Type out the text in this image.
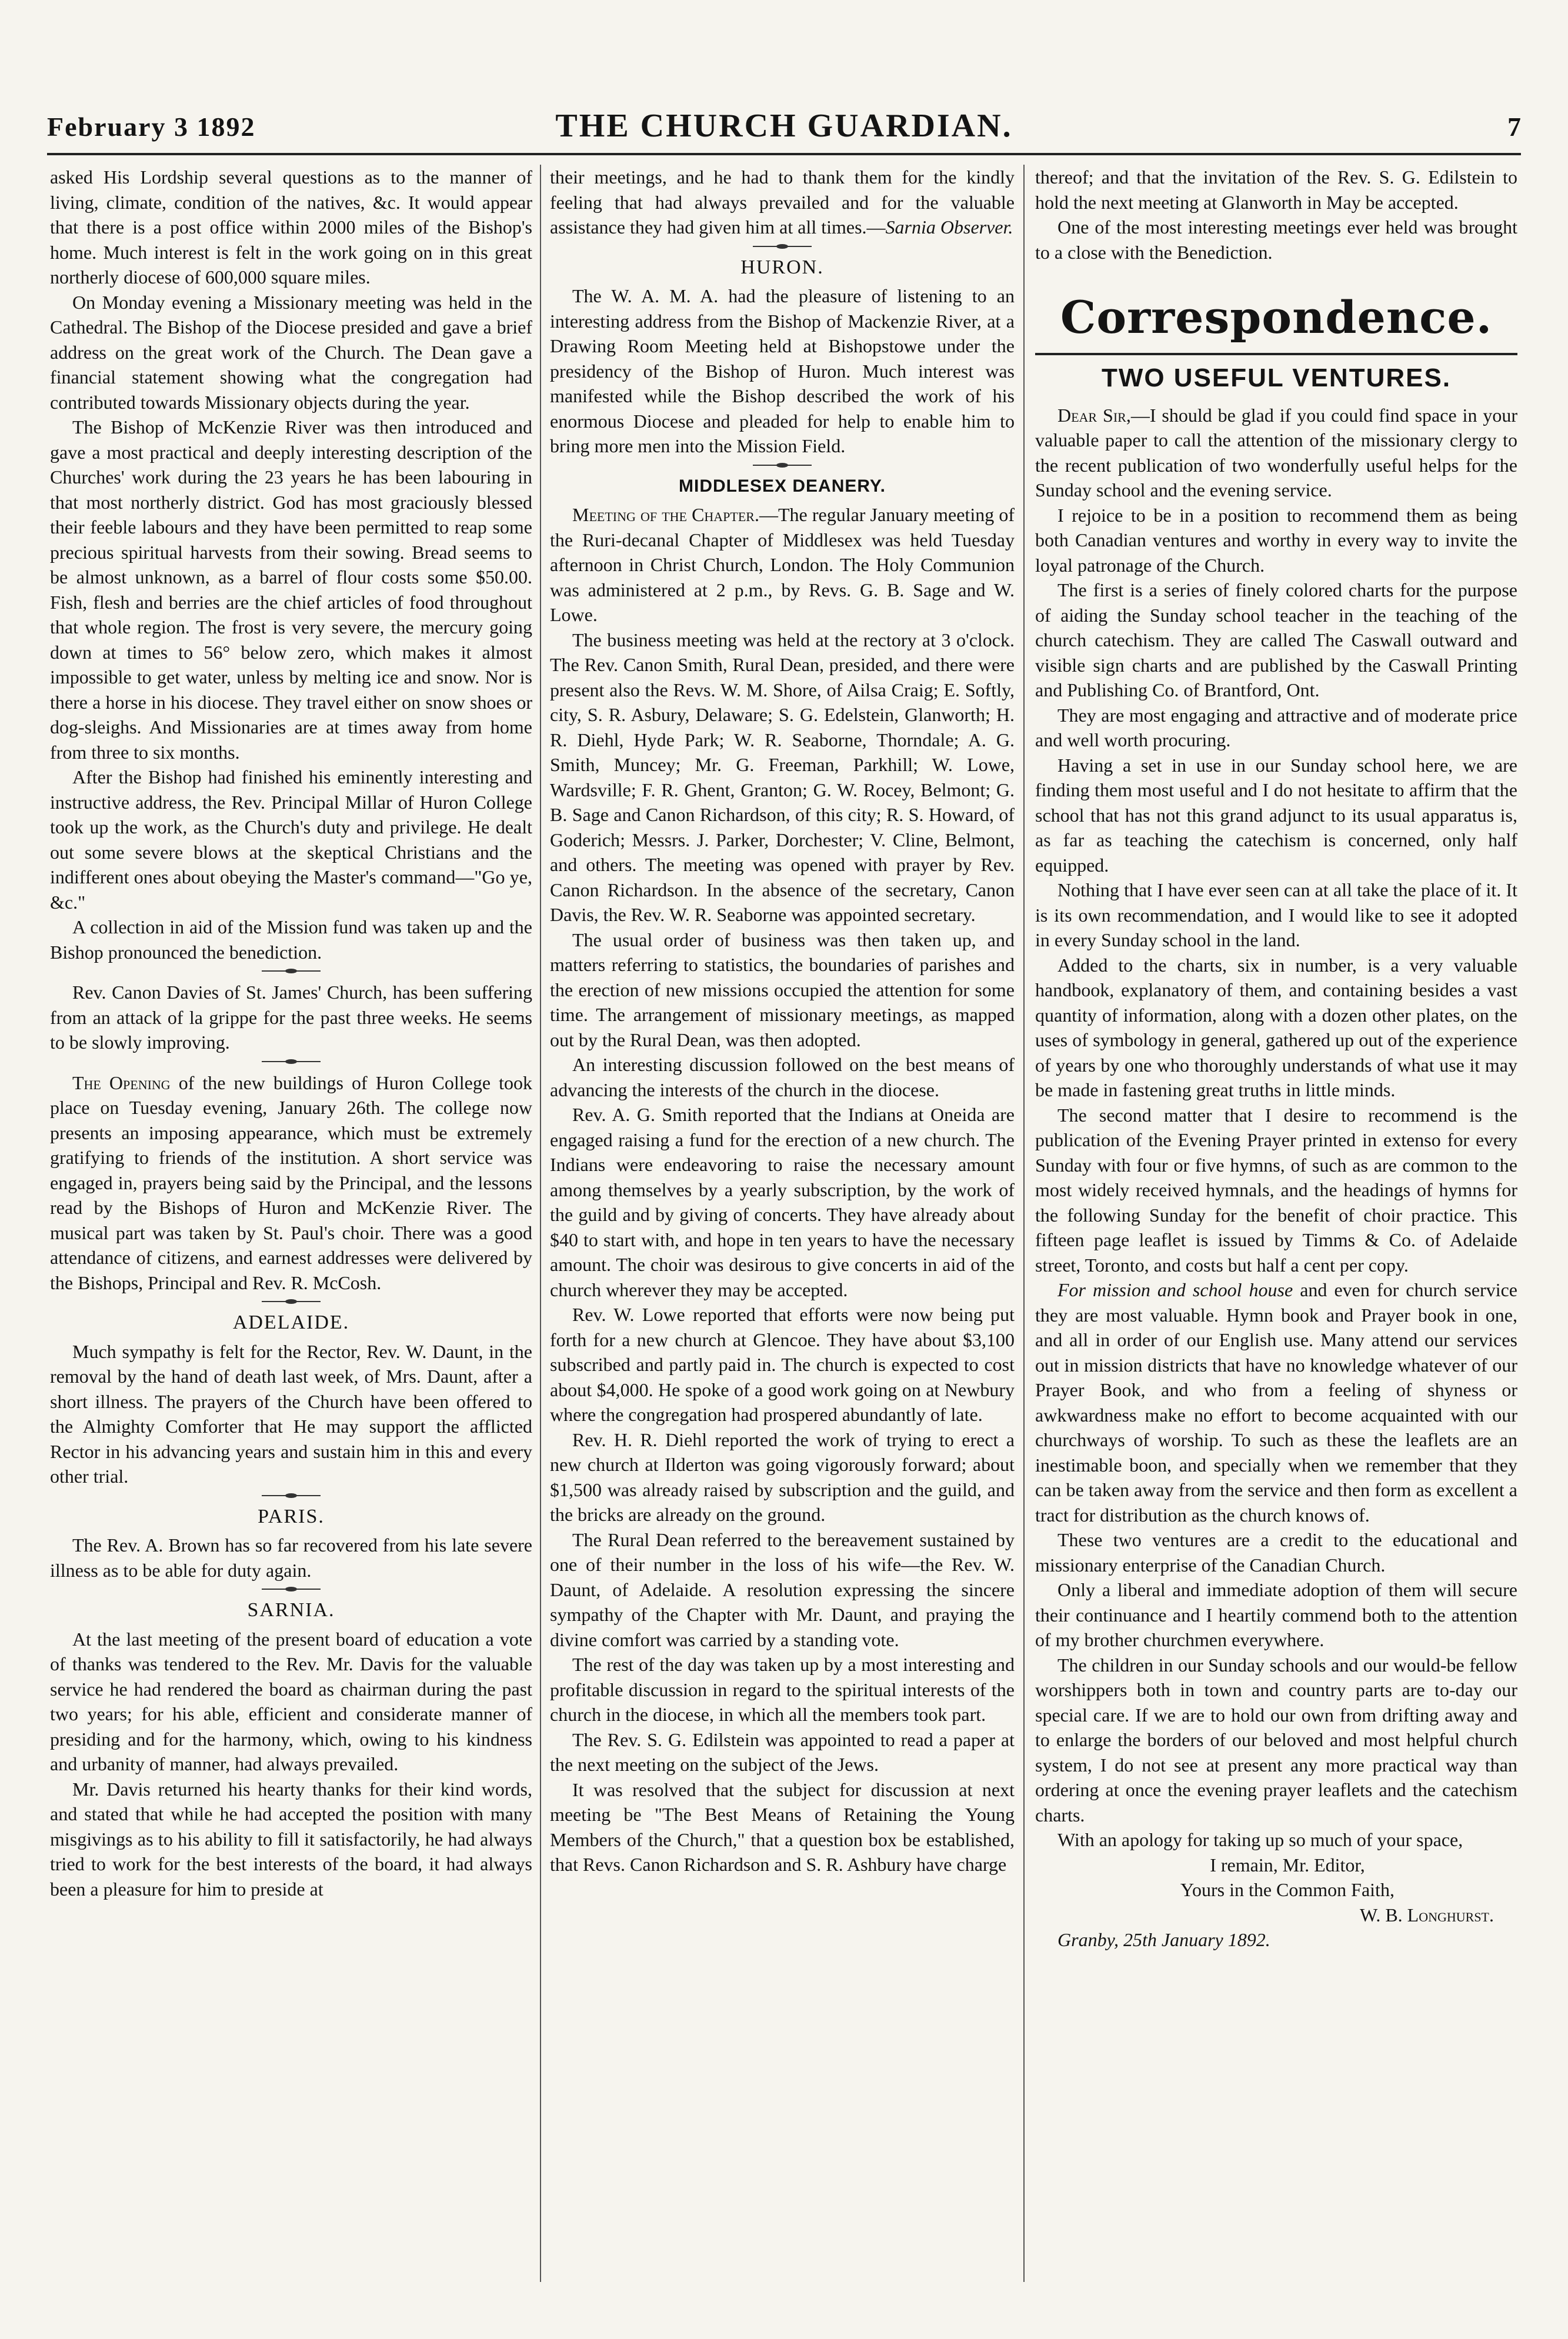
February 3 1892	THE CHURCH GUARDIAN.	7

asked His Lordship several questions as to the manner of living, climate, condition of the natives, &c. It would appear that there is a post office within 2000 miles of the Bishop's home. Much interest is felt in the work going on in this great northerly diocese of 600,000 square miles.

On Monday evening a Missionary meeting was held in the Cathedral. The Bishop of the Diocese presided and gave a brief address on the great work of the Church. The Dean gave a financial statement showing what the congregation had contributed towards Missionary objects during the year.

The Bishop of McKenzie River was then introduced and gave a most practical and deeply interesting description of the Churches' work during the 23 years he has been labouring in that most northerly district. God has most graciously blessed their feeble labours and they have been permitted to reap some precious spiritual harvests from their sowing. Bread seems to be almost unknown, as a barrel of flour costs some $50.00. Fish, flesh and berries are the chief articles of food throughout that whole region. The frost is very severe, the mercury going down at times to 56° below zero, which makes it almost impossible to get water, unless by melting ice and snow. Nor is there a horse in his diocese. They travel either on snow shoes or dog-sleighs. And Missionaries are at times away from home from three to six months.

After the Bishop had finished his eminently interesting and instructive address, the Rev. Principal Millar of Huron College took up the work, as the Church's duty and privilege. He dealt out some severe blows at the skeptical Christians and the indifferent ones about obeying the Master's command—"Go ye, &c."

A collection in aid of the Mission fund was taken up and the Bishop pronounced the benediction.

Rev. Canon Davies of St. James' Church, has been suffering from an attack of la grippe for the past three weeks. He seems to be slowly improving.

The Opening of the new buildings of Huron College took place on Tuesday evening, January 26th. The college now presents an imposing appearance, which must be extremely gratifying to friends of the institution. A short service was engaged in, prayers being said by the Principal, and the lessons read by the Bishops of Huron and McKenzie River. The musical part was taken by St. Paul's choir. There was a good attendance of citizens, and earnest addresses were delivered by the Bishops, Principal and Rev. R. McCosh.

ADELAIDE.

Much sympathy is felt for the Rector, Rev. W. Daunt, in the removal by the hand of death last week, of Mrs. Daunt, after a short illness. The prayers of the Church have been offered to the Almighty Comforter that He may support the afflicted Rector in his advancing years and sustain him in this and every other trial.

PARIS.

The Rev. A. Brown has so far recovered from his late severe illness as to be able for duty again.

SARNIA.

At the last meeting of the present board of education a vote of thanks was tendered to the Rev. Mr. Davis for the valuable service he had rendered the board as chairman during the past two years; for his able, efficient and considerate manner of presiding and for the harmony, which, owing to his kindness and urbanity of manner, had always prevailed.

Mr. Davis returned his hearty thanks for their kind words, and stated that while he had accepted the position with many misgivings as to his ability to fill it satisfactorily, he had always tried to work for the best interests of the board, it had always been a pleasure for him to preside at

their meetings, and he had to thank them for the kindly feeling that had always prevailed and for the valuable assistance they had given him at all times.—Sarnia Observer.

HURON.

The W. A. M. A. had the pleasure of listening to an interesting address from the Bishop of Mackenzie River, at a Drawing Room Meeting held at Bishopstowe under the presidency of the Bishop of Huron. Much interest was manifested while the Bishop described the work of his enormous Diocese and pleaded for help to enable him to bring more men into the Mission Field.

MIDDLESEX DEANERY.

Meeting of the Chapter.—The regular January meeting of the Ruri-decanal Chapter of Middlesex was held Tuesday afternoon in Christ Church, London. The Holy Communion was administered at 2 p.m., by Revs. G. B. Sage and W. Lowe.

The business meeting was held at the rectory at 3 o'clock. The Rev. Canon Smith, Rural Dean, presided, and there were present also the Revs. W. M. Shore, of Ailsa Craig; E. Softly, city, S. R. Asbury, Delaware; S. G. Edelstein, Glanworth; H. R. Diehl, Hyde Park; W. R. Seaborne, Thorndale; A. G. Smith, Muncey; Mr. G. Freeman, Parkhill; W. Lowe, Wardsville; F. R. Ghent, Granton; G. W. Rocey, Belmont; G. B. Sage and Canon Richardson, of this city; R. S. Howard, of Goderich; Messrs. J. Parker, Dorchester; V. Cline, Belmont, and others. The meeting was opened with prayer by Rev. Canon Richardson. In the absence of the secretary, Canon Davis, the Rev. W. R. Seaborne was appointed secretary.

The usual order of business was then taken up, and matters referring to statistics, the boundaries of parishes and the erection of new missions occupied the attention for some time. The arrangement of missionary meetings, as mapped out by the Rural Dean, was then adopted.

An interesting discussion followed on the best means of advancing the interests of the church in the diocese.

Rev. A. G. Smith reported that the Indians at Oneida are engaged raising a fund for the erection of a new church. The Indians were endeavoring to raise the necessary amount among themselves by a yearly subscription, by the work of the guild and by giving of concerts. They have already about $40 to start with, and hope in ten years to have the necessary amount. The choir was desirous to give concerts in aid of the church wherever they may be accepted.

Rev. W. Lowe reported that efforts were now being put forth for a new church at Glencoe. They have about $3,100 subscribed and partly paid in. The church is expected to cost about $4,000. He spoke of a good work going on at Newbury where the congregation had prospered abundantly of late.

Rev. H. R. Diehl reported the work of trying to erect a new church at Ilderton was going vigorously forward; about $1,500 was already raised by subscription and the guild, and the bricks are already on the ground.

The Rural Dean referred to the bereavement sustained by one of their number in the loss of his wife—the Rev. W. Daunt, of Adelaide. A resolution expressing the sincere sympathy of the Chapter with Mr. Daunt, and praying the divine comfort was carried by a standing vote.

The rest of the day was taken up by a most interesting and profitable discussion in regard to the spiritual interests of the church in the diocese, in which all the members took part.

The Rev. S. G. Edilstein was appointed to read a paper at the next meeting on the subject of the Jews.

It was resolved that the subject for discussion at next meeting be "The Best Means of Retaining the Young Members of the Church," that a question box be established, that Revs. Canon Richardson and S. R. Ashbury have charge

thereof; and that the invitation of the Rev. S. G. Edilstein to hold the next meeting at Glanworth in May be accepted.

One of the most interesting meetings ever held was brought to a close with the Benediction.

Correspondence.
TWO USEFUL VENTURES.

Dear Sir,—I should be glad if you could find space in your valuable paper to call the attention of the missionary clergy to the recent publication of two wonderfully useful helps for the Sunday school and the evening service.

I rejoice to be in a position to recommend them as being both Canadian ventures and worthy in every way to invite the loyal patronage of the Church.

The first is a series of finely colored charts for the purpose of aiding the Sunday school teacher in the teaching of the church catechism. They are called The Caswall outward and visible sign charts and are published by the Caswall Printing and Publishing Co. of Brantford, Ont.

They are most engaging and attractive and of moderate price and well worth procuring.

Having a set in use in our Sunday school here, we are finding them most useful and I do not hesitate to affirm that the school that has not this grand adjunct to its usual apparatus is, as far as teaching the catechism is concerned, only half equipped.

Nothing that I have ever seen can at all take the place of it. It is its own recommendation, and I would like to see it adopted in every Sunday school in the land.

Added to the charts, six in number, is a very valuable handbook, explanatory of them, and containing besides a vast quantity of information, along with a dozen other plates, on the uses of symbology in general, gathered up out of the experience of years by one who thoroughly understands of what use it may be made in fastening great truths in little minds.

The second matter that I desire to recommend is the publication of the Evening Prayer printed in extenso for every Sunday with four or five hymns, of such as are common to the most widely received hymnals, and the headings of hymns for the following Sunday for the benefit of choir practice. This fifteen page leaflet is issued by Timms & Co. of Adelaide street, Toronto, and costs but half a cent per copy.

For mission and school house and even for church service they are most valuable. Hymn book and Prayer book in one, and all in order of our English use. Many attend our services out in mission districts that have no knowledge whatever of our Prayer Book, and who from a feeling of shyness or awkwardness make no effort to become acquainted with our churchways of worship. To such as these the leaflets are an inestimable boon, and specially when we remember that they can be taken away from the service and then form as excellent a tract for distribution as the church knows of.

These two ventures are a credit to the educational and missionary enterprise of the Canadian Church.

Only a liberal and immediate adoption of them will secure their continuance and I heartily commend both to the attention of my brother churchmen everywhere.

The children in our Sunday schools and our would-be fellow worshippers both in town and country parts are to-day our special care. If we are to hold our own from drifting away and to enlarge the borders of our beloved and most helpful church system, I do not see at present any more practical way than ordering at once the evening prayer leaflets and the catechism charts.

With an apology for taking up so much of your space,

I remain, Mr. Editor,

Yours in the Common Faith,

W. B. Longhurst.

Granby, 25th January 1892.
